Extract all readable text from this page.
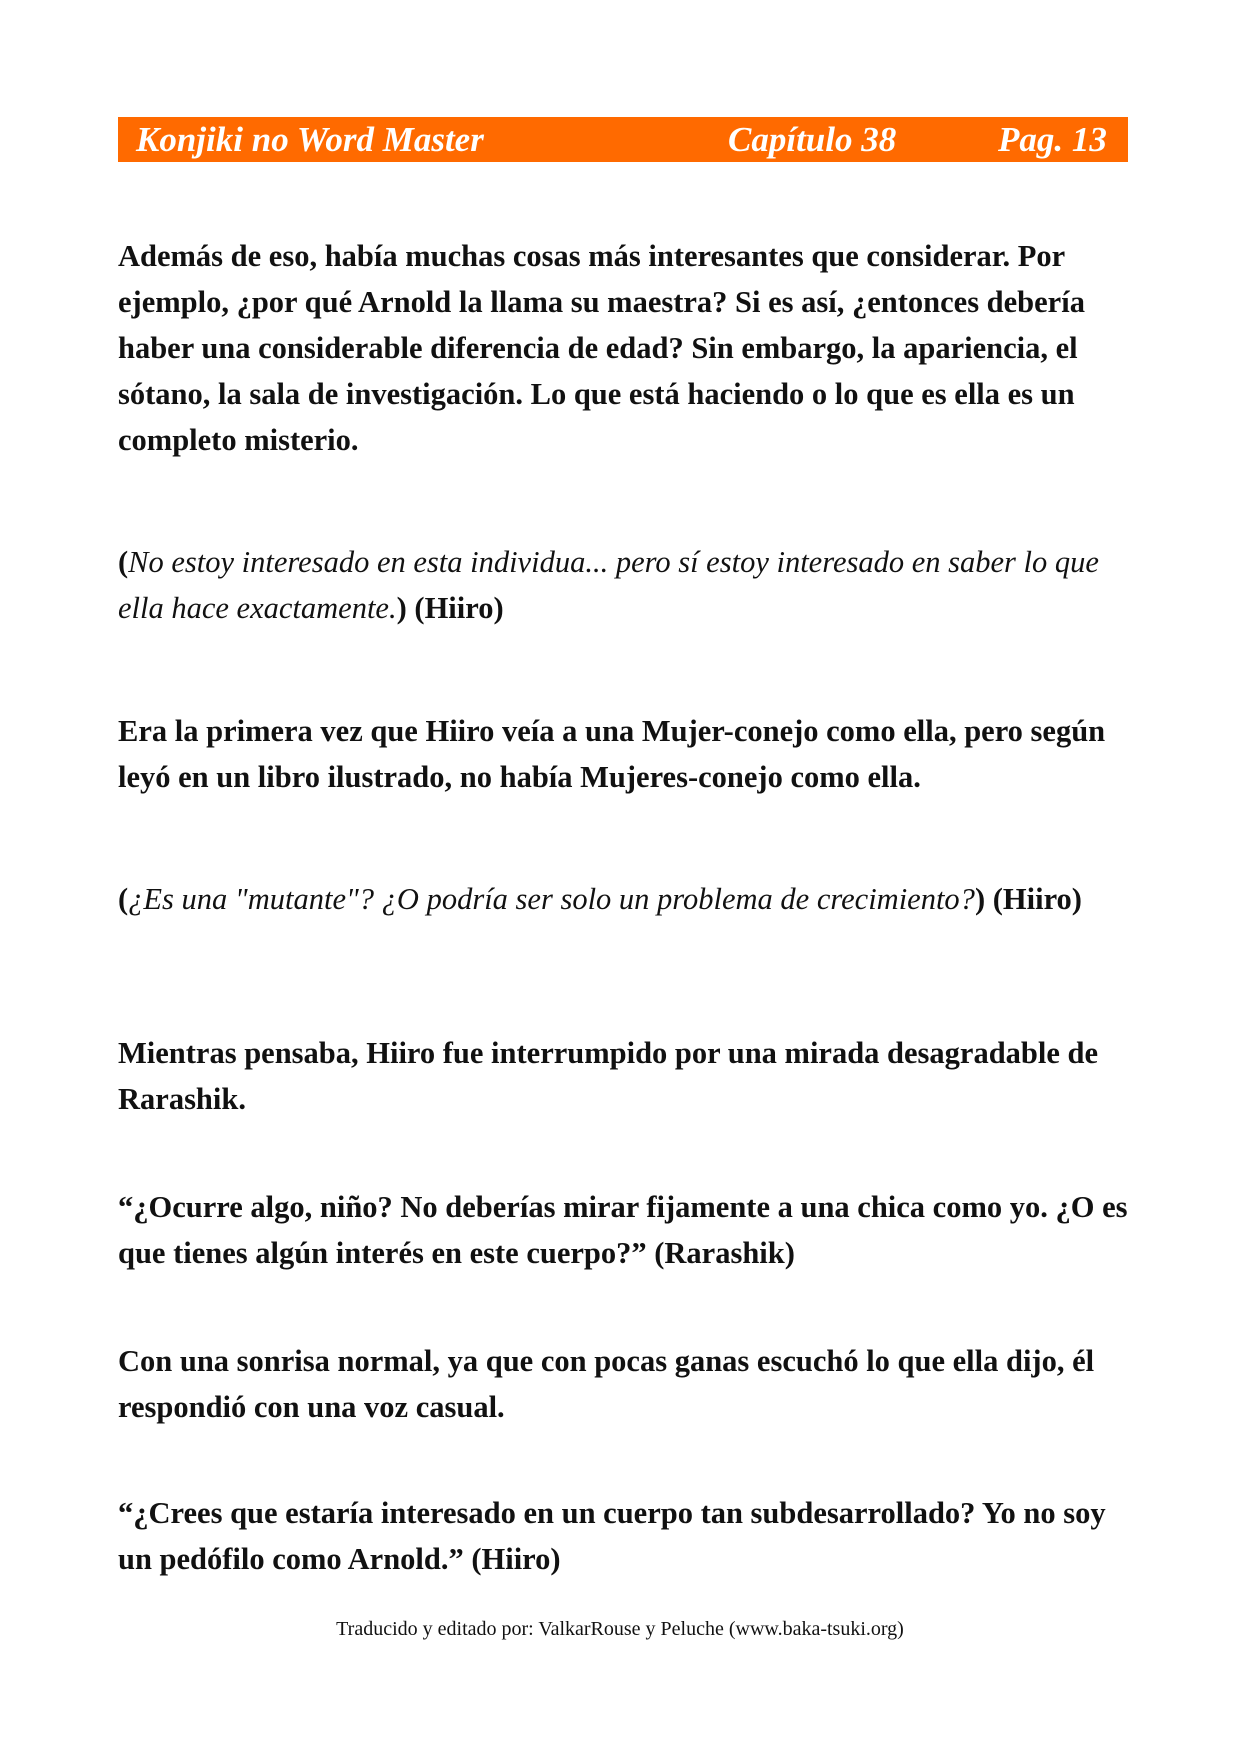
Konjiki no Word Master	Capítulo 38	Pag. 13

Además de eso, había muchas cosas más interesantes que considerar. Por ejemplo, ¿por qué Arnold la llama su maestra? Si es así, ¿entonces debería haber una considerable diferencia de edad? Sin embargo, la apariencia, el sótano, la sala de investigación. Lo que está haciendo o lo que es ella es un completo misterio.

(No estoy interesado en esta individua... pero sí estoy interesado en saber lo que ella hace exactamente.) (Hiiro)

Era la primera vez que Hiiro veía a una Mujer-conejo como ella, pero según leyó en un libro ilustrado, no había Mujeres-conejo como ella.

(¿Es una "mutante"? ¿O podría ser solo un problema de crecimiento?) (Hiiro)

Mientras pensaba, Hiiro fue interrumpido por una mirada desagradable de Rarashik.

“¿Ocurre algo, niño? No deberías mirar fijamente a una chica como yo. ¿O es que tienes algún interés en este cuerpo?” (Rarashik)

Con una sonrisa normal, ya que con pocas ganas escuchó lo que ella dijo, él respondió con una voz casual.

“¿Crees que estaría interesado en un cuerpo tan subdesarrollado? Yo no soy un pedófilo como Arnold.” (Hiiro)

Traducido y editado por: ValkarRouse y Peluche (www.baka-tsuki.org)
